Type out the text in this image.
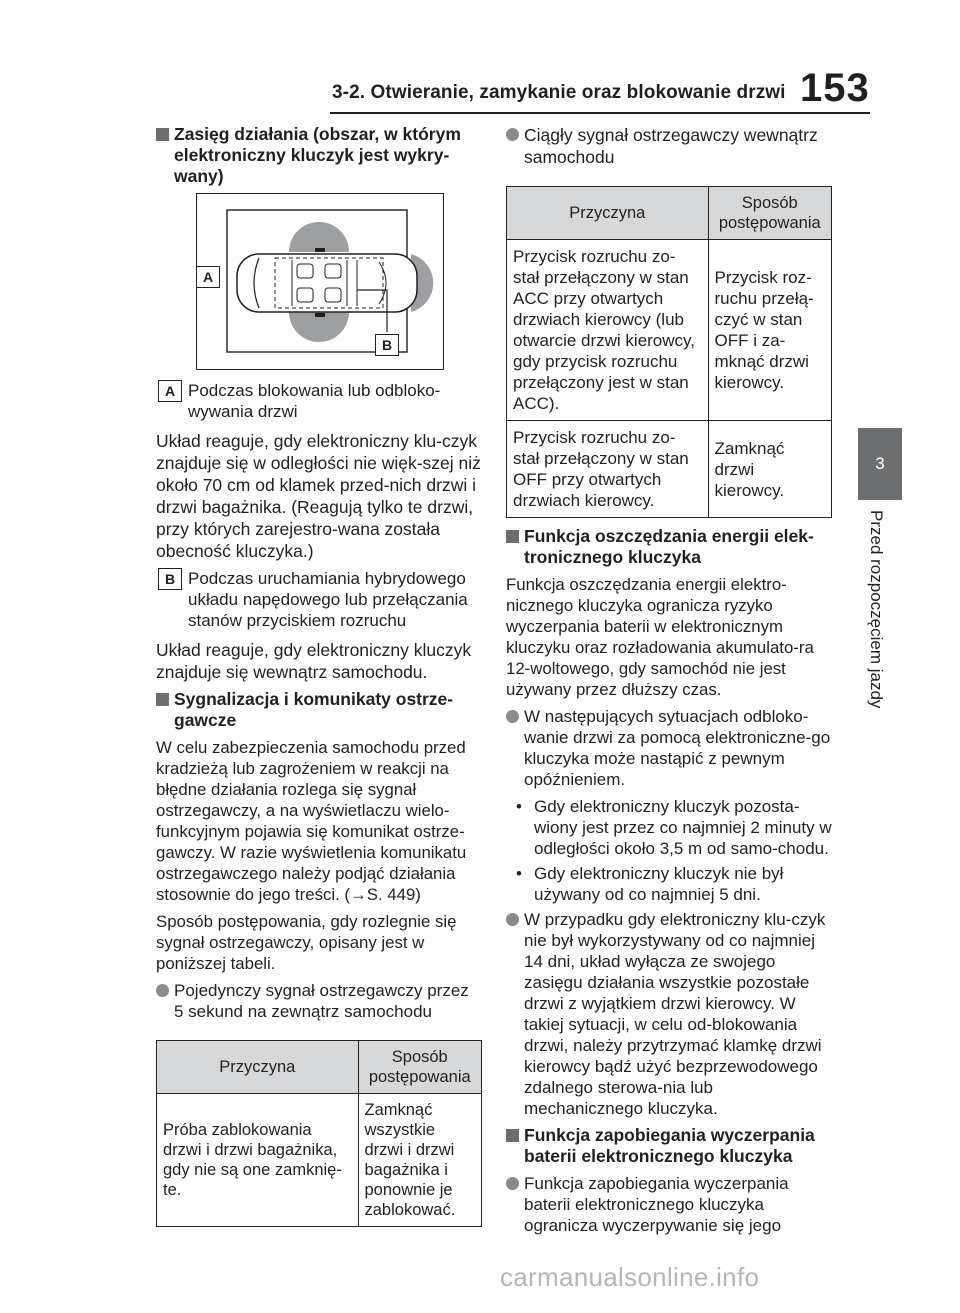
3-2. Otwieranie, zamykanie oraz blokowanie drzwi 153
3
Przed rozpoczęciem jazdy
Zasięg działania (obszar, w którym elektroniczny kluczyk jest wykry-wany)
A
B
A Podczas blokowania lub odbloko-wywania drzwi
Układ reaguje, gdy elektroniczny klu-czyk znajduje się w odległości nie więk-szej niż około 70 cm od klamek przed-nich drzwi i drzwi bagażnika. (Reagują tylko te drzwi, przy których zarejestro-wana została obecność kluczyka.)
B Podczas uruchamiania hybrydowego układu napędowego lub przełączania stanów przyciskiem rozruchu
Układ reaguje, gdy elektroniczny kluczyk znajduje się wewnątrz samochodu.
Sygnalizacja i komunikaty ostrze-gawcze
W celu zabezpieczenia samochodu przed kradzieżą lub zagrożeniem w reakcji na błędne działania rozlega się sygnał ostrzegawczy, a na wyświetlaczu wielo-funkcyjnym pojawia się komunikat ostrze-gawczy. W razie wyświetlenia komunikatu ostrzegawczego należy podjąć działania stosownie do jego treści. (→S. 449)
Sposób postępowania, gdy rozlegnie się sygnał ostrzegawczy, opisany jest w poniższej tabeli.
Pojedynczy sygnał ostrzegawczy przez 5 sekund na zewnątrz samochodu
Przyczyna	Sposób postępowania
Próba zablokowania drzwi i drzwi bagażnika, gdy nie są one zamknię-te.	Zamknąć wszystkie drzwi i drzwi bagażnika i ponownie je zablokować.
Ciągły sygnał ostrzegawczy wewnątrz samochodu
Przyczyna	Sposób postępowania
Przycisk rozruchu zo-stał przełączony w stan ACC przy otwartych drzwiach kierowcy (lub otwarcie drzwi kierowcy, gdy przycisk rozruchu przełączony jest w stan ACC).	Przycisk roz-ruchu przełą-czyć w stan OFF i za-mknąć drzwi kierowcy.
Przycisk rozruchu zo-stał przełączony w stan OFF przy otwartych drzwiach kierowcy.	Zamknąć drzwi kierowcy.
Funkcja oszczędzania energii elek-tronicznego kluczyka
Funkcja oszczędzania energii elektro-nicznego kluczyka ogranicza ryzyko wyczerpania baterii w elektronicznym kluczyku oraz rozładowania akumulato-ra 12-woltowego, gdy samochód nie jest używany przez dłuższy czas.
W następujących sytuacjach odbloko-wanie drzwi za pomocą elektroniczne-go kluczyka może nastąpić z pewnym opóźnieniem.
• Gdy elektroniczny kluczyk pozosta-wiony jest przez co najmniej 2 minuty w odległości około 3,5 m od samo-chodu.
• Gdy elektroniczny kluczyk nie był używany od co najmniej 5 dni.
W przypadku gdy elektroniczny klu-czyk nie był wykorzystywany od co najmniej 14 dni, układ wyłącza ze swojego zasięgu działania wszystkie pozostałe drzwi z wyjątkiem drzwi kierowcy. W takiej sytuacji, w celu od-blokowania drzwi, należy przytrzymać klamkę drzwi kierowcy bądź użyć bezprzewodowego zdalnego sterowa-nia lub mechanicznego kluczyka.
Funkcja zapobiegania wyczerpania baterii elektronicznego kluczyka
Funkcja zapobiegania wyczerpania baterii elektronicznego kluczyka ogranicza wyczerpywanie się jego
carmanualsonline.info
